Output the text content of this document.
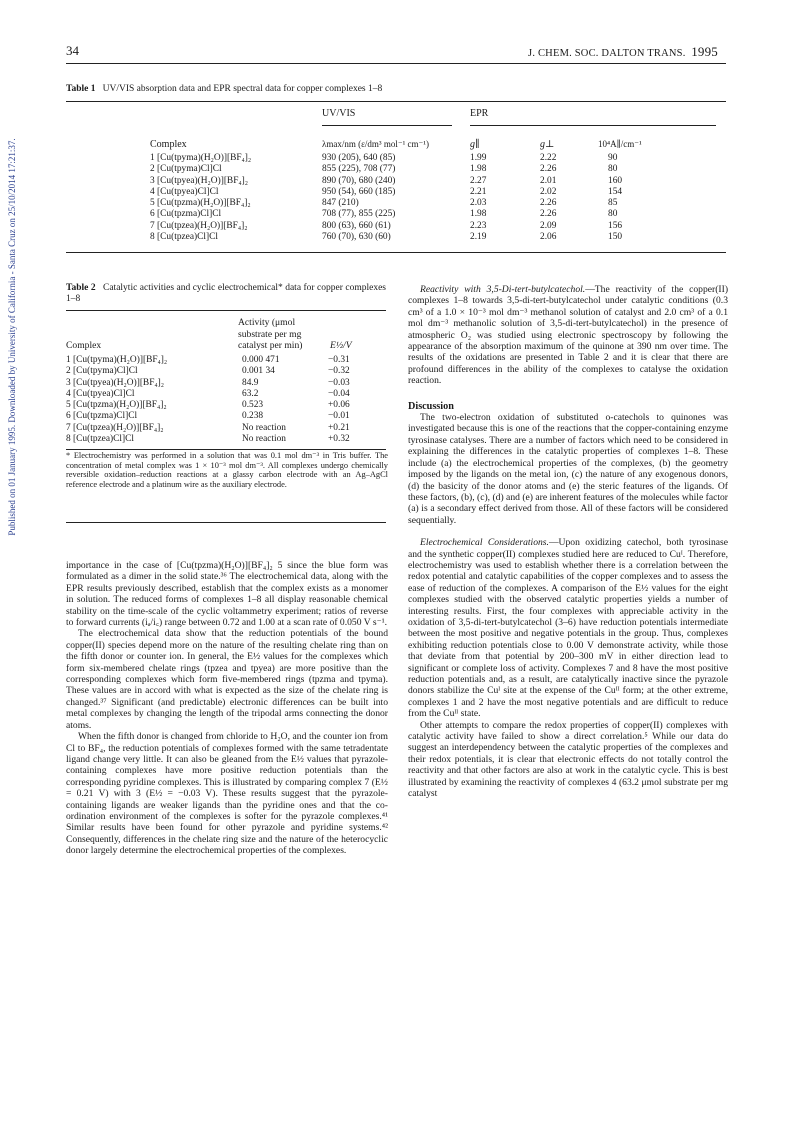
34	J. CHEM. SOC. DALTON TRANS. 1995
Published on 01 January 1995. Downloaded by University of California - Santa Cruz on 25/10/2014 17:21:37.
Table 1 UV/VIS absorption data and EPR spectral data for copper complexes 1–8
UV/VIS	EPR
Complex	λmax/nm (ε/dm³ mol⁻¹ cm⁻¹)	g∥	g⊥	10⁴A∥/cm⁻¹
1 [Cu(tpyma)(H₂O)][BF₄]₂	930 (205), 640 (85)	1.99	2.22	90
2 [Cu(tpyma)Cl]Cl	855 (225), 708 (77)	1.98	2.26	80
3 [Cu(tpyea)(H₂O)][BF₄]₂	890 (70), 680 (240)	2.27	2.01	160
4 [Cu(tpyea)Cl]Cl	950 (54), 660 (185)	2.21	2.02	154
5 [Cu(tpzma)(H₂O)][BF₄]₂	847 (210)	2.03	2.26	85
6 [Cu(tpzma)Cl]Cl	708 (77), 855 (225)	1.98	2.26	80
7 [Cu(tpzea)(H₂O)][BF₄]₂	800 (63), 660 (61)	2.23	2.09	156
8 [Cu(tpzea)Cl]Cl	760 (70), 630 (60)	2.19	2.06	150
Table 2 Catalytic activities and cyclic electrochemical* data for copper complexes 1–8
Activity (μmol
substrate per mg
catalyst per min)
Complex	E½/V
1 [Cu(tpyma)(H₂O)][BF₄]₂	0.000 471	−0.31
2 [Cu(tpyma)Cl]Cl	0.001 34	−0.32
3 [Cu(tpyea)(H₂O)][BF₄]₂	84.9	−0.03
4 [Cu(tpyea)Cl]Cl	63.2	−0.04
5 [Cu(tpzma)(H₂O)][BF₄]₂	0.523	+0.06
6 [Cu(tpzma)Cl]Cl	0.238	−0.01
7 [Cu(tpzea)(H₂O)][BF₄]₂	No reaction	+0.21
8 [Cu(tpzea)Cl]Cl	No reaction	+0.32
* Electrochemistry was performed in a solution that was 0.1 mol dm⁻³ in Tris buffer. The concentration of metal complex was 1 × 10⁻³ mol dm⁻³. All complexes undergo chemically reversible oxidation–reduction reactions at a glassy carbon electrode with an Ag–AgCl reference electrode and a platinum wire as the auxiliary electrode.

importance in the case of [Cu(tpzma)(H₂O)][BF₄]₂ 5 since the blue form was formulated as a dimer in the solid state.³⁶ The electrochemical data, along with the EPR results previously described, establish that the complex exists as a monomer in solution. The reduced forms of complexes 1–8 all display reasonable chemical stability on the time-scale of the cyclic voltammetry experiment; ratios of reverse to forward currents (iₐ/i꜀) range between 0.72 and 1.00 at a scan rate of 0.050 V s⁻¹.

The electrochemical data show that the reduction potentials of the bound copper(II) species depend more on the nature of the resulting chelate ring than on the fifth donor or counter ion. In general, the E½ values for the complexes which form six-membered chelate rings (tpzea and tpyea) are more positive than the corresponding complexes which form five-membered rings (tpzma and tpyma). These values are in accord with what is expected as the size of the chelate ring is changed.³⁷ Significant (and predictable) electronic differences can be built into metal complexes by changing the length of the tripodal arms connecting the donor atoms.

When the fifth donor is changed from chloride to H₂O, and the counter ion from Cl to BF₄, the reduction potentials of complexes formed with the same tetradentate ligand change very little. It can also be gleaned from the E½ values that pyrazole-containing complexes have more positive reduction potentials than the corresponding pyridine complexes. This is illustrated by comparing complex 7 (E½ = 0.21 V) with 3 (E½ = −0.03 V). These results suggest that the pyrazole-containing ligands are weaker ligands than the pyridine ones and that the co-ordination environment of the complexes is softer for the pyrazole complexes.⁴¹ Similar results have been found for other pyrazole and pyridine systems.⁴² Consequently, differences in the chelate ring size and the nature of the heterocyclic donor largely determine the electrochemical properties of the complexes.

Reactivity with 3,5-Di-tert-butylcatechol.—The reactivity of the copper(II) complexes 1–8 towards 3,5-di-tert-butylcatechol under catalytic conditions (0.3 cm³ of a 1.0 × 10⁻³ mol dm⁻³ methanol solution of catalyst and 2.0 cm³ of a 0.1 mol dm⁻³ methanolic solution of 3,5-di-tert-butylcatechol) in the presence of atmospheric O₂ was studied using electronic spectroscopy by following the appearance of the absorption maximum of the quinone at 390 nm over time. The results of the oxidations are presented in Table 2 and it is clear that there are profound differences in the ability of the complexes to catalyse the oxidation reaction.

Discussion

The two-electron oxidation of substituted o-catechols to quinones was investigated because this is one of the reactions that the copper-containing enzyme tyrosinase catalyses. There are a number of factors which need to be considered in explaining the differences in the catalytic properties of complexes 1–8. These include (a) the electrochemical properties of the complexes, (b) the geometry imposed by the ligands on the metal ion, (c) the nature of any exogenous donors, (d) the basicity of the donor atoms and (e) the steric features of the ligands. Of these factors, (b), (c), (d) and (e) are inherent features of the molecules while factor (a) is a secondary effect derived from those. All of these factors will be considered sequentially.

Electrochemical Considerations.—Upon oxidizing catechol, both tyrosinase and the synthetic copper(II) complexes studied here are reduced to Cuᴵ. Therefore, electrochemistry was used to establish whether there is a correlation between the redox potential and catalytic capabilities of the copper complexes and to assess the ease of reduction of the complexes. A comparison of the E½ values for the eight complexes studied with the observed catalytic properties yields a number of interesting results. First, the four complexes with appreciable activity in the oxidation of 3,5-di-tert-butylcatechol (3–6) have reduction potentials intermediate between the most positive and negative potentials in the group. Thus, complexes exhibiting reduction potentials close to 0.00 V demonstrate activity, while those that deviate from that potential by 200–300 mV in either direction lead to significant or complete loss of activity. Complexes 7 and 8 have the most positive reduction potentials and, as a result, are catalytically inactive since the pyrazole donors stabilize the Cuᴵ site at the expense of the Cuᴵᴵ form; at the other extreme, complexes 1 and 2 have the most negative potentials and are difficult to reduce from the Cuᴵᴵ state.

Other attempts to compare the redox properties of copper(II) complexes with catalytic activity have failed to show a direct correlation.⁵ While our data do suggest an interdependency between the catalytic properties of the complexes and their redox potentials, it is clear that electronic effects do not totally control the reactivity and that other factors are also at work in the catalytic cycle. This is best illustrated by examining the reactivity of complexes 4 (63.2 μmol substrate per mg catalyst
